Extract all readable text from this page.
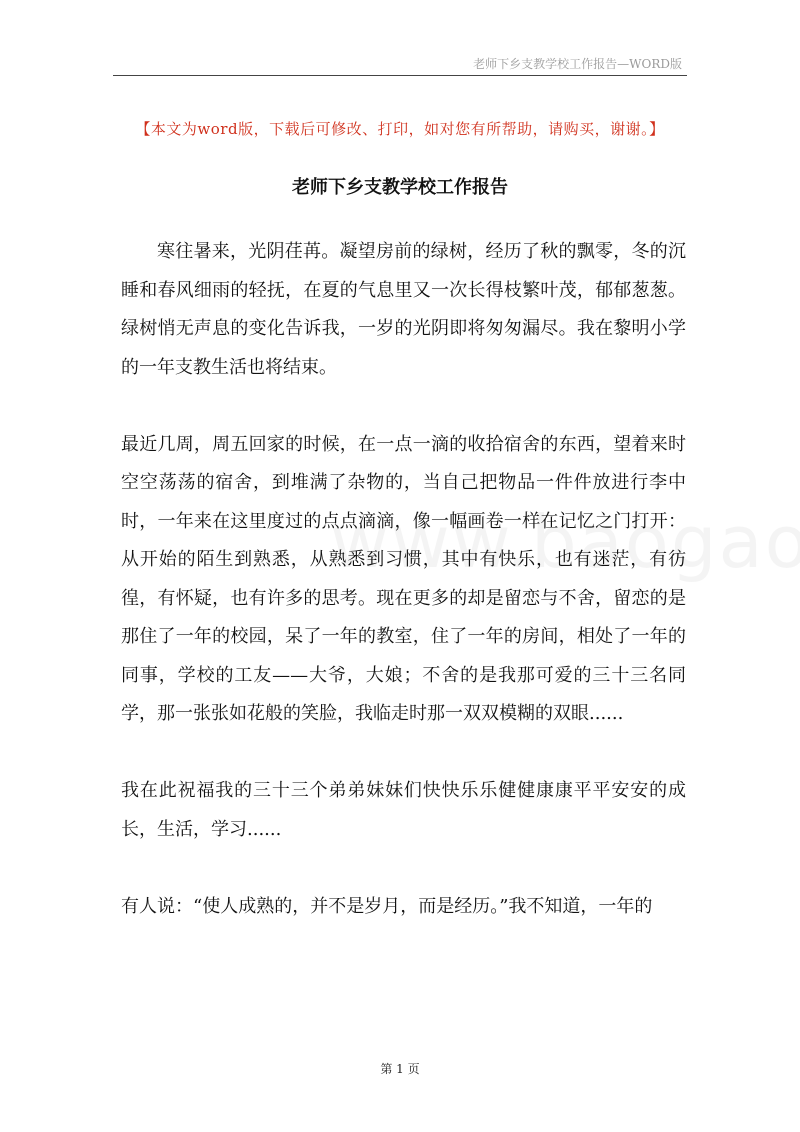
老师下乡支教学校工作报告—WORD版
【本文为word版，下载后可修改、打印，如对您有所帮助，请购买，谢谢。】
老师下乡支教学校工作报告

寒往暑来，光阴荏苒。凝望房前的绿树，经历了秋的飘零，冬的沉睡和春风细雨的轻抚，在夏的气息里又一次长得枝繁叶茂，郁郁葱葱。绿树悄无声息的变化告诉我，一岁的光阴即将匆匆漏尽。我在黎明小学的一年支教生活也将结束。

最近几周，周五回家的时候，在一点一滴的收拾宿舍的东西，望着来时空空荡荡的宿舍，到堆满了杂物的，当自己把物品一件件放进行李中时，一年来在这里度过的点点滴滴，像一幅画卷一样在记忆之门打开：从开始的陌生到熟悉，从熟悉到习惯，其中有快乐，也有迷茫，有彷徨，有怀疑，也有许多的思考。现在更多的却是留恋与不舍，留恋的是那住了一年的校园，呆了一年的教室，住了一年的房间，相处了一年的同事，学校的工友——大爷，大娘；不舍的是我那可爱的三十三名同学，那一张张如花般的笑脸，我临走时那一双双模糊的双眼......

我在此祝福我的三十三个弟弟妹妹们快快乐乐健健康康平平安安的成长，生活，学习......

有人说：“使人成熟的，并不是岁月，而是经历。”我不知道，一年的

第 1 页
